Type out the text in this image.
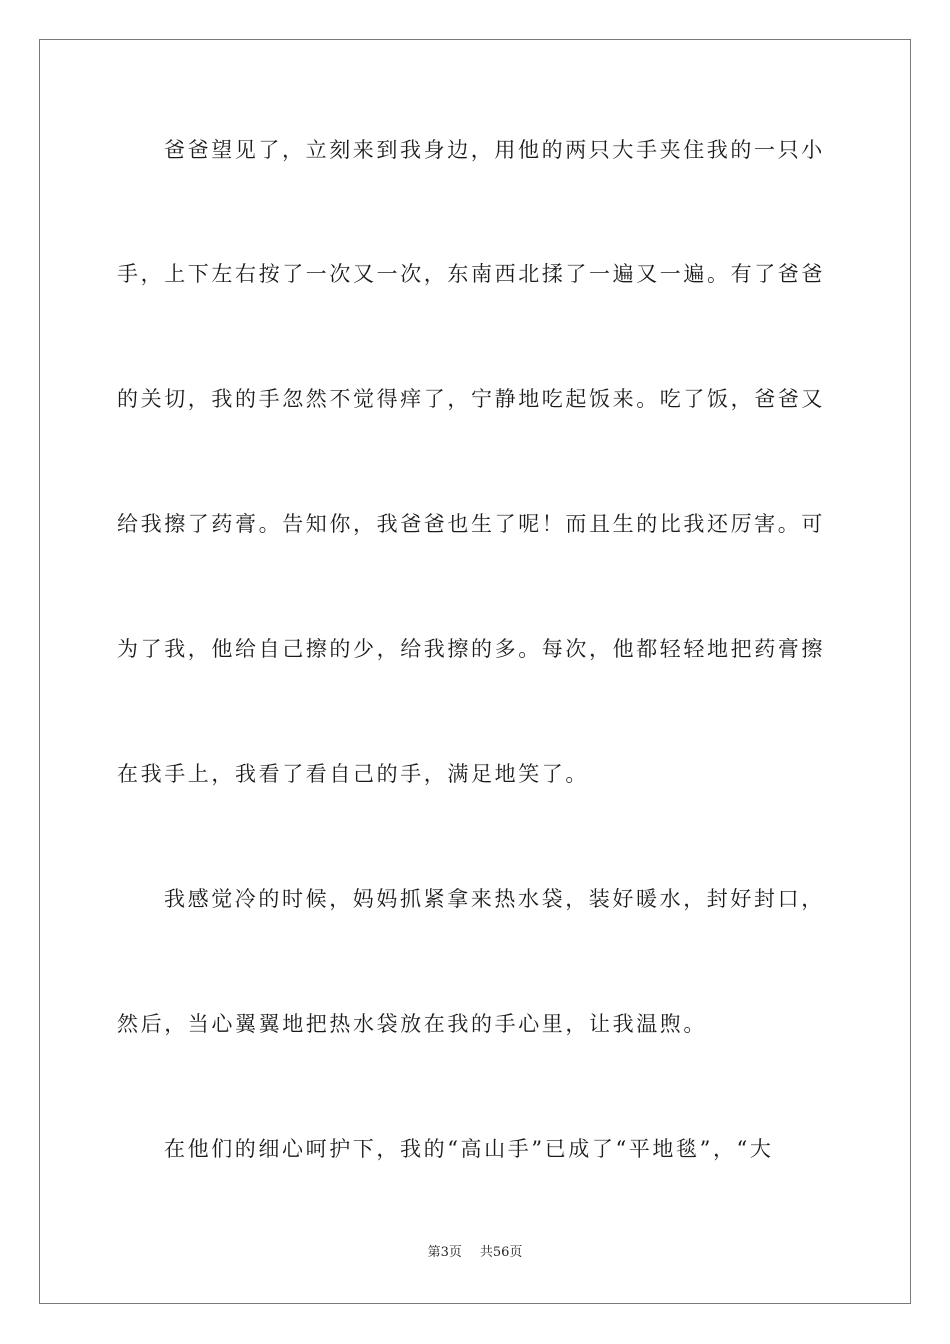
爸爸望见了，立刻来到我身边，用他的两只大手夹住我的一只小

手，上下左右按了一次又一次，东南西北揉了一遍又一遍。有了爸爸

的关切，我的手忽然不觉得痒了，宁静地吃起饭来。吃了饭，爸爸又

给我擦了药膏。告知你，我爸爸也生了呢！而且生的比我还厉害。可

为了我，他给自己擦的少，给我擦的多。每次，他都轻轻地把药膏擦

在我手上，我看了看自己的手，满足地笑了。

我感觉冷的时候，妈妈抓紧拿来热水袋，装好暖水，封好封口，

然后，当心翼翼地把热水袋放在我的手心里，让我温煦。

在他们的细心呵护下，我的“高山手”已成了“平地毯”，“大

第3页 共56页
